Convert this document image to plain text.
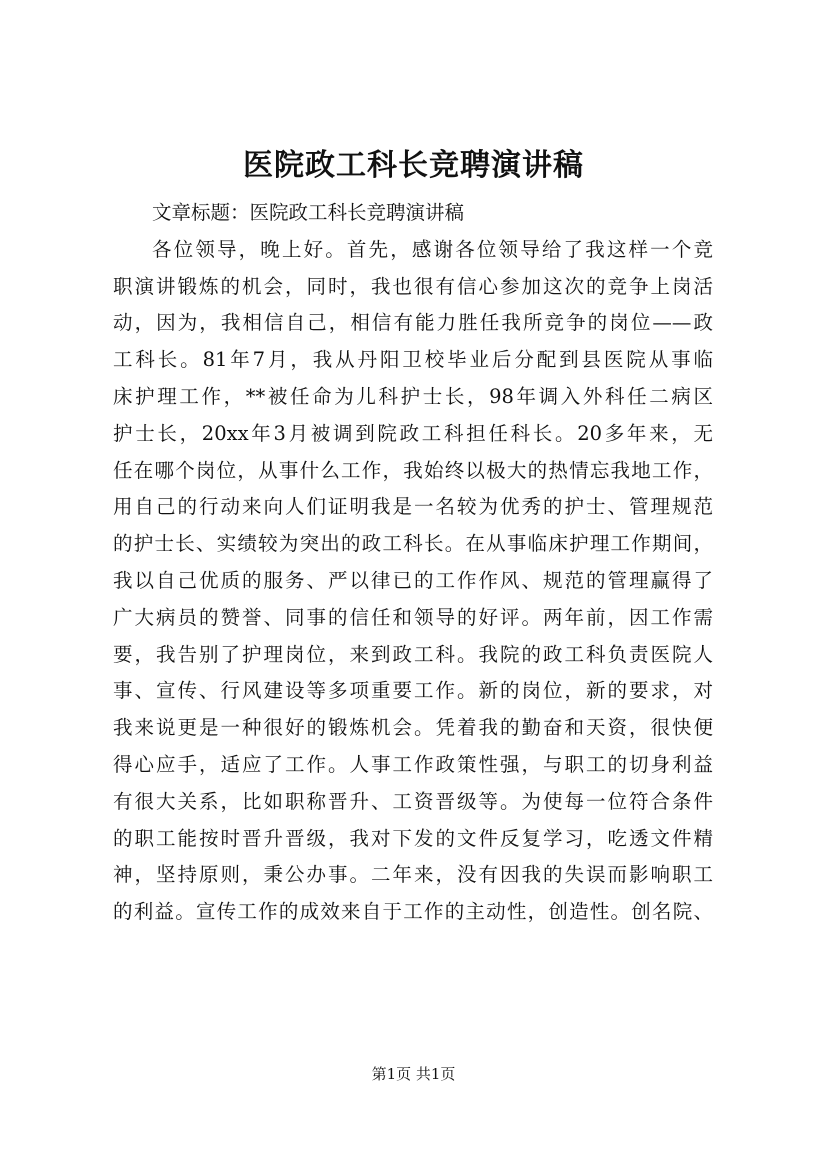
医院政工科长竞聘演讲稿
文章标题：医院政工科长竞聘演讲稿
各位领导，晚上好。首先，感谢各位领导给了我这样一个竞
职演讲锻炼的机会，同时，我也很有信心参加这次的竞争上岗活
动，因为，我相信自己，相信有能力胜任我所竞争的岗位——政
工科长。81年7月，我从丹阳卫校毕业后分配到县医院从事临
床护理工作，**被任命为儿科护士长，98年调入外科任二病区
护士长，20xx年3月被调到院政工科担任科长。20多年来，无
任在哪个岗位，从事什么工作，我始终以极大的热情忘我地工作，
用自己的行动来向人们证明我是一名较为优秀的护士、管理规范
的护士长、实绩较为突出的政工科长。在从事临床护理工作期间，
我以自己优质的服务、严以律已的工作作风、规范的管理赢得了
广大病员的赞誉、同事的信任和领导的好评。两年前，因工作需
要，我告别了护理岗位，来到政工科。我院的政工科负责医院人
事、宣传、行风建设等多项重要工作。新的岗位，新的要求，对
我来说更是一种很好的锻炼机会。凭着我的勤奋和天资，很快便
得心应手，适应了工作。人事工作政策性强，与职工的切身利益
有很大关系，比如职称晋升、工资晋级等。为使每一位符合条件
的职工能按时晋升晋级，我对下发的文件反复学习，吃透文件精
神，坚持原则，秉公办事。二年来，没有因我的失误而影响职工
的利益。宣传工作的成效来自于工作的主动性，创造性。创名院、
第1页 共1页
